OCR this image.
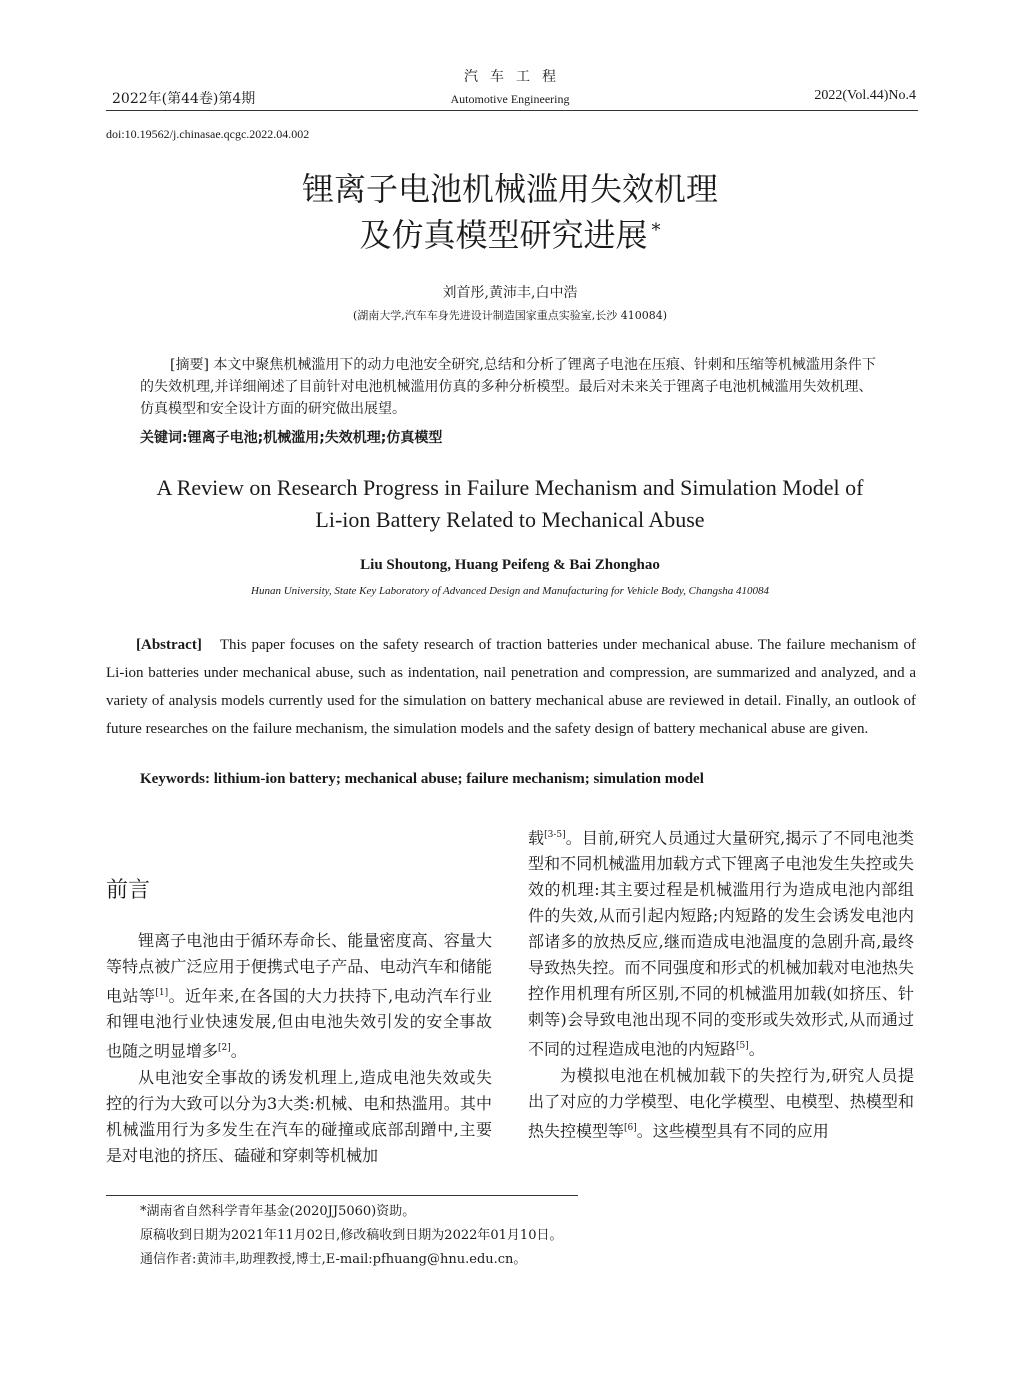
汽车工程
2022年(第44卷)第4期	Automotive Engineering	2022(Vol.44)No.4
doi:10.19562/j.chinasae.qcgc.2022.04.002
锂离子电池机械滥用失效机理
及仿真模型研究进展 *
刘首彤,黄沛丰,白中浩
(湖南大学,汽车车身先进设计制造国家重点实验室,长沙 410084)
[摘要] 本文中聚焦机械滥用下的动力电池安全研究,总结和分析了锂离子电池在压痕、针刺和压缩等机械滥用条件下的失效机理,并详细阐述了目前针对电池机械滥用仿真的多种分析模型。最后对未来关于锂离子电池机械滥用失效机理、仿真模型和安全设计方面的研究做出展望。
关键词:锂离子电池;机械滥用;失效机理;仿真模型
A Review on Research Progress in Failure Mechanism and Simulation Model of
Li-ion Battery Related to Mechanical Abuse
Liu Shoutong, Huang Peifeng & Bai Zhonghao
Hunan University, State Key Laboratory of Advanced Design and Manufacturing for Vehicle Body, Changsha 410084
[Abstract] This paper focuses on the safety research of traction batteries under mechanical abuse. The failure mechanism of Li-ion batteries under mechanical abuse, such as indentation, nail penetration and compression, are summarized and analyzed, and a variety of analysis models currently used for the simulation on battery mechanical abuse are reviewed in detail. Finally, an outlook of future researches on the failure mechanism, the simulation models and the safety design of battery mechanical abuse are given.
Keywords: lithium-ion battery; mechanical abuse; failure mechanism; simulation model
前言

锂离子电池由于循环寿命长、能量密度高、容量大等特点被广泛应用于便携式电子产品、电动汽车和储能电站等[1]。近年来,在各国的大力扶持下,电动汽车行业和锂电池行业快速发展,但由电池失效引发的安全事故也随之明显增多[2]。

从电池安全事故的诱发机理上,造成电池失效或失控的行为大致可以分为3大类:机械、电和热滥用。其中机械滥用行为多发生在汽车的碰撞或底部刮蹭中,主要是对电池的挤压、磕碰和穿刺等机械加

载[3-5]。目前,研究人员通过大量研究,揭示了不同电池类型和不同机械滥用加载方式下锂离子电池发生失控或失效的机理:其主要过程是机械滥用行为造成电池内部组件的失效,从而引起内短路;内短路的发生会诱发电池内部诸多的放热反应,继而造成电池温度的急剧升高,最终导致热失控。而不同强度和形式的机械加载对电池热失控作用机理有所区别,不同的机械滥用加载(如挤压、针刺等)会导致电池出现不同的变形或失效形式,从而通过不同的过程造成电池的内短路[5]。

为模拟电池在机械加载下的失控行为,研究人员提出了对应的力学模型、电化学模型、电模型、热模型和热失控模型等[6]。这些模型具有不同的应用

*湖南省自然科学青年基金(2020JJ5060)资助。
原稿收到日期为2021年11月02日,修改稿收到日期为2022年01月10日。
通信作者:黄沛丰,助理教授,博士,E-mail:pfhuang@hnu.edu.cn。
